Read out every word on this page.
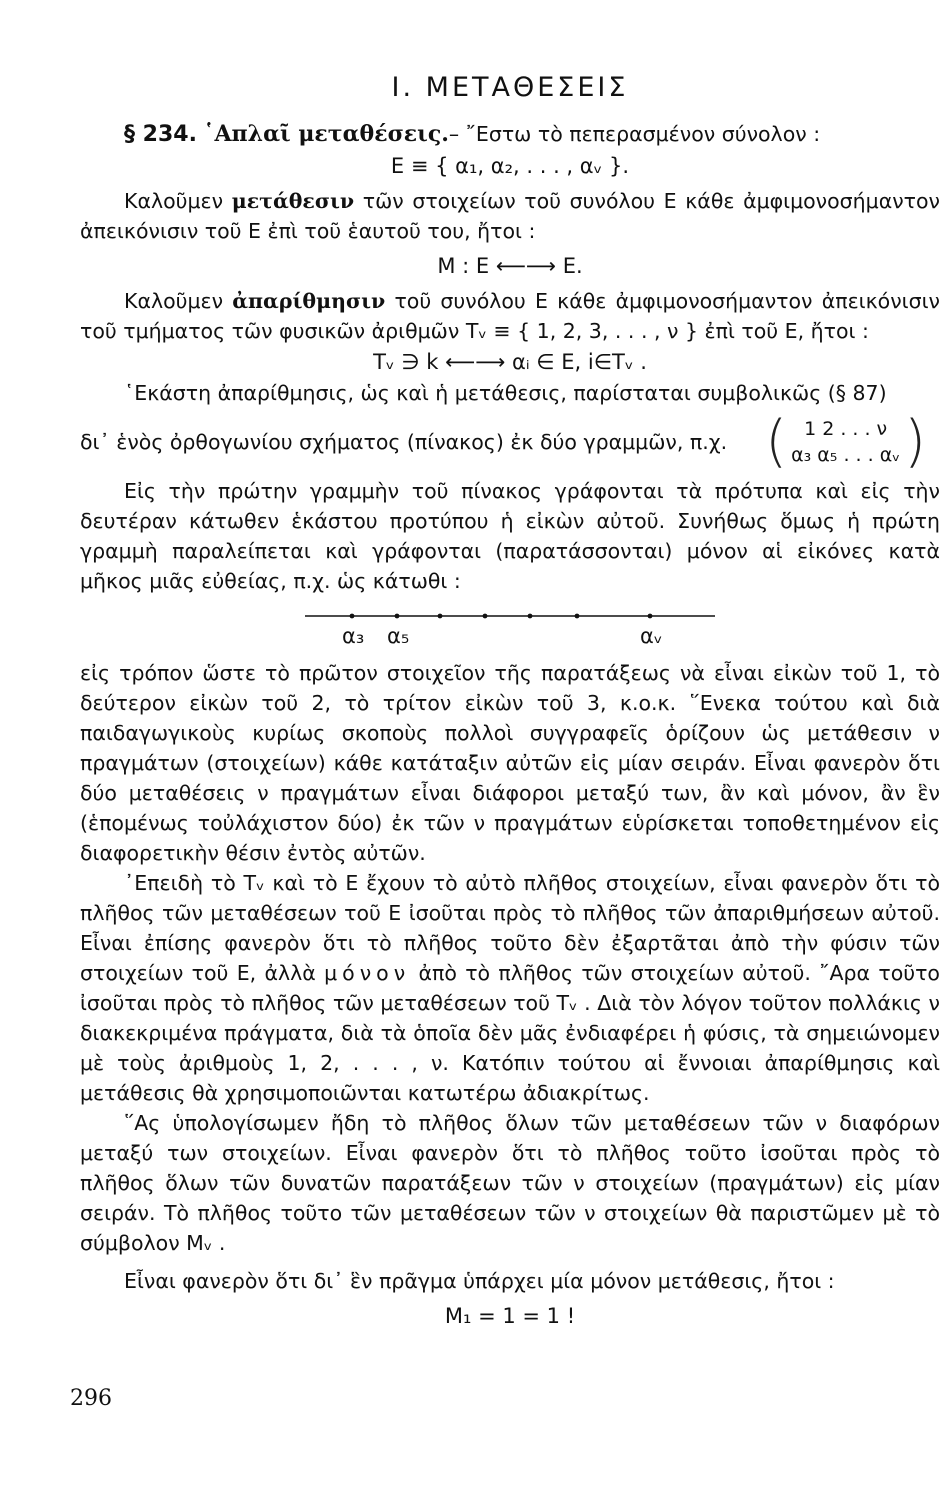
I. ΜΕΤΑΘΕΣΕΙΣ

§ 234. ῾Απλαῖ μεταθέσεις.– ῎Εστω τὸ πεπερασμένον σύνολον :

E ≡ { α₁, α₂, . . . , αᵥ }.

Καλοῦμεν μετάθεσιν τῶν στοιχείων τοῦ συνόλου Ε κάθε ἀμφιμονοσήμαντον ἀπεικόνισιν τοῦ Ε ἐπὶ τοῦ ἑαυτοῦ του, ἤτοι :

M : E ⟵⟶ E.

Καλοῦμεν ἀπαρίθμησιν τοῦ συνόλου Ε κάθε ἀμφιμονοσήμαντον ἀπεικόνισιν τοῦ τμήματος τῶν φυσικῶν ἀριθμῶν Tᵥ ≡ { 1, 2, 3, . . . , ν } ἐπὶ τοῦ Ε, ἤτοι :

Tᵥ ∋ k ⟵⟶ αᵢ ∈ E, i∈Tᵥ .

῾Εκάστη ἀπαρίθμησις, ὡς καὶ ἡ μετάθεσις, παρίσταται συμβολικῶς (§ 87)

δι᾽ ἑνὸς ὀρθογωνίου σχήματος (πίνακος) ἐκ δύο γραμμῶν, π.χ. ( 1 2 . . . ν
α₃ α₅ . . . αᵥ )

Εἰς τὴν πρώτην γραμμὴν τοῦ πίνακος γράφονται τὰ πρότυπα καὶ εἰς τὴν δευτέραν κάτωθεν ἑκάστου προτύπου ἡ εἰκὼν αὐτοῦ. Συνήθως ὅμως ἡ πρώτη γραμμὴ παραλείπεται καὶ γράφονται (παρατάσσονται) μόνον αἱ εἰκόνες κατὰ μῆκος μιᾶς εὐθείας, π.χ. ὡς κάτωθι :

α₃ α₅	αᵥ

εἰς τρόπον ὥστε τὸ πρῶτον στοιχεῖον τῆς παρατάξεως νὰ εἶναι εἰκὼν τοῦ 1, τὸ δεύτερον εἰκὼν τοῦ 2, τὸ τρίτον εἰκὼν τοῦ 3, κ.ο.κ. ῞Ενεκα τούτου καὶ διὰ παιδαγωγικοὺς κυρίως σκοποὺς πολλοὶ συγγραφεῖς ὁρίζουν ὡς μετάθεσιν ν πραγμάτων (στοιχείων) κάθε κατάταξιν αὐτῶν εἰς μίαν σειράν. Εἶναι φανερὸν ὅτι δύο μεταθέσεις ν πραγμάτων εἶναι διάφοροι μεταξύ των, ἂν καὶ μόνον, ἂν ἓν (ἑπομένως τοὐλάχιστον δύο) ἐκ τῶν ν πραγμάτων εὑρίσκεται τοποθετημένον εἰς διαφορετικὴν θέσιν ἐντὸς αὐτῶν.

᾽Επειδὴ τὸ Tᵥ καὶ τὸ Ε ἔχουν τὸ αὐτὸ πλῆθος στοιχείων, εἶναι φανερὸν ὅτι τὸ πλῆθος τῶν μεταθέσεων τοῦ Ε ἰσοῦται πρὸς τὸ πλῆθος τῶν ἀπαριθμήσεων αὐτοῦ. Εἶναι ἐπίσης φανερὸν ὅτι τὸ πλῆθος τοῦτο δὲν ἐξαρτᾶται ἀπὸ τὴν φύσιν τῶν στοιχείων τοῦ Ε, ἀλλὰ μόνον ἀπὸ τὸ πλῆθος τῶν στοιχείων αὐτοῦ. ῎Αρα τοῦτο ἰσοῦται πρὸς τὸ πλῆθος τῶν μεταθέσεων τοῦ Tᵥ . Διὰ τὸν λόγον τοῦτον πολλάκις ν διακεκριμένα πράγματα, διὰ τὰ ὁποῖα δὲν μᾶς ἐνδιαφέρει ἡ φύσις, τὰ σημειώνομεν μὲ τοὺς ἀριθμοὺς 1, 2, . . . , ν. Κατόπιν τούτου αἱ ἔννοιαι ἀπαρίθμησις καὶ μετάθεσις θὰ χρησιμοποιῶνται κατωτέρω ἀδιακρίτως.

῞Ας ὑπολογίσωμεν ἤδη τὸ πλῆθος ὅλων τῶν μεταθέσεων τῶν ν διαφόρων μεταξύ των στοιχείων. Εἶναι φανερὸν ὅτι τὸ πλῆθος τοῦτο ἰσοῦται πρὸς τὸ πλῆθος ὅλων τῶν δυνατῶν παρατάξεων τῶν ν στοιχείων (πραγμάτων) εἰς μίαν σειράν. Τὸ πλῆθος τοῦτο τῶν μεταθέσεων τῶν ν στοιχείων θὰ παριστῶμεν μὲ τὸ σύμβολον Mᵥ .

Εἶναι φανερὸν ὅτι δι᾽ ἓν πρᾶγμα ὑπάρχει μία μόνον μετάθεσις, ἤτοι :

M₁ = 1 = 1 !
296
